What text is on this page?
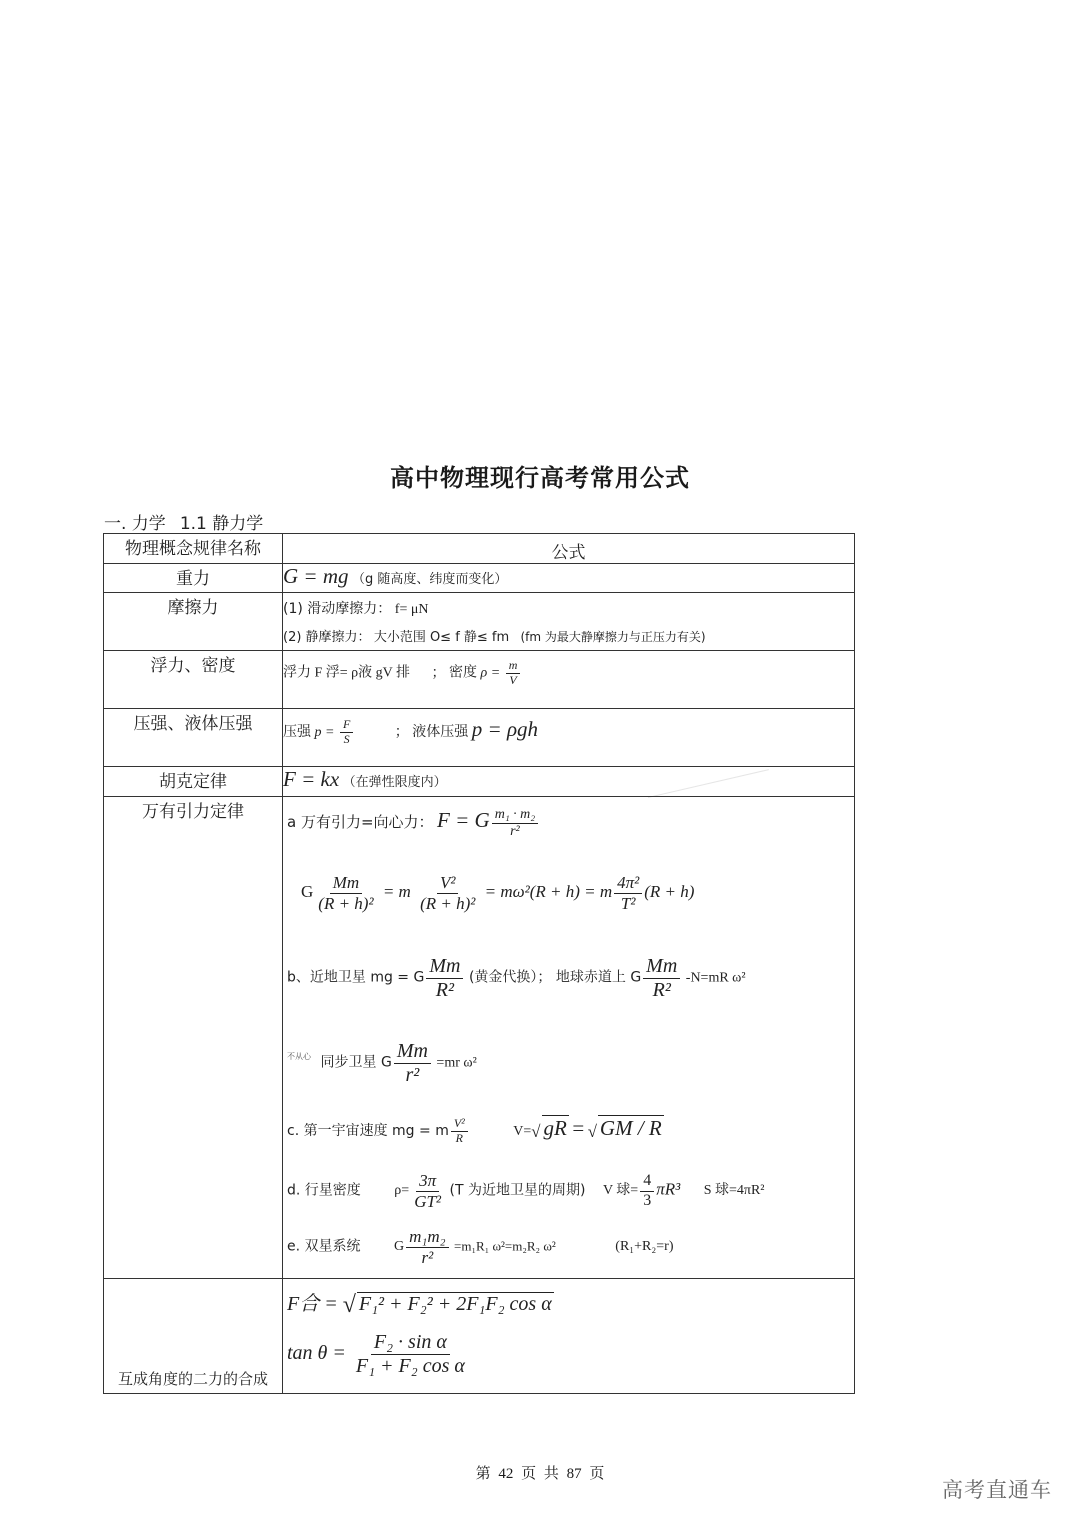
高中物理现行高考常用公式
一. 力学 1.1 静力学
物理概念规律名称	公式
重力	G = mg （g 随高度、纬度而变化）
摩擦力	(1) 滑动摩擦力： f= μN
(2) 静摩擦力： 大小范围 O≤ f 静≤ fm (fm 为最大静摩擦力与正压力有关)

浮力、密度	浮力 F 浮= ρ液 gV 排 ； 密度 $\rho = \frac{m}{V}$

压强、液体压强	压强 $p = \frac{F}{S}$ ； 液体压强 p = ρgh

胡克定律	F = kx （在弹性限度内）
万有引力定律	a 万有引力=向心力： F = G $\frac{\text{m₁ · m₂}}{\text{r²}}$
G $\frac{Mm}{\text{(R + h)²}} = m \frac{\text{V²}}{\text{(R + h)²}} = m\omega^2(R + h) = m \frac{\text{4π²}}{\text{T²}} (R + h)$
b、近地卫星 mg = G $\frac{Mm}{\text{R²}}$ (黄金代换）； 地球赤道上 G $\frac{Mm}{\text{R²}} -N=mR$ ω²
$^{不从心}$ 同步卫星 G $\frac{Mm}{\text{r²}} =mr$ ω²
c. 第一宇宙速度 mg = m $\frac{\text{V²}}{R}$	V=√ gR = √ GM / R
d. 行星密度 $\rho= \frac{3\pi}{\text{GT²}} (T$ 为近地卫星的周期) V 球= $\frac{4}{3} \pi R^3$ S 球=4πR²
e. 双星系统 G $\frac{\text{m₁m₂}}{\text{r²}} =m_1R_1$ ω²=m₂R₂ ω²	(R₁+R₂=r)

互成角度的二力的合成	F合 = √ F₁² + F₂² + 2F₁F₂ cos α
$\tan \theta = \frac{\text{F₂ · sin α}}{\text{F₁ + F₂ cos α}}$
第 42 页 共 87 页
高考直通车
